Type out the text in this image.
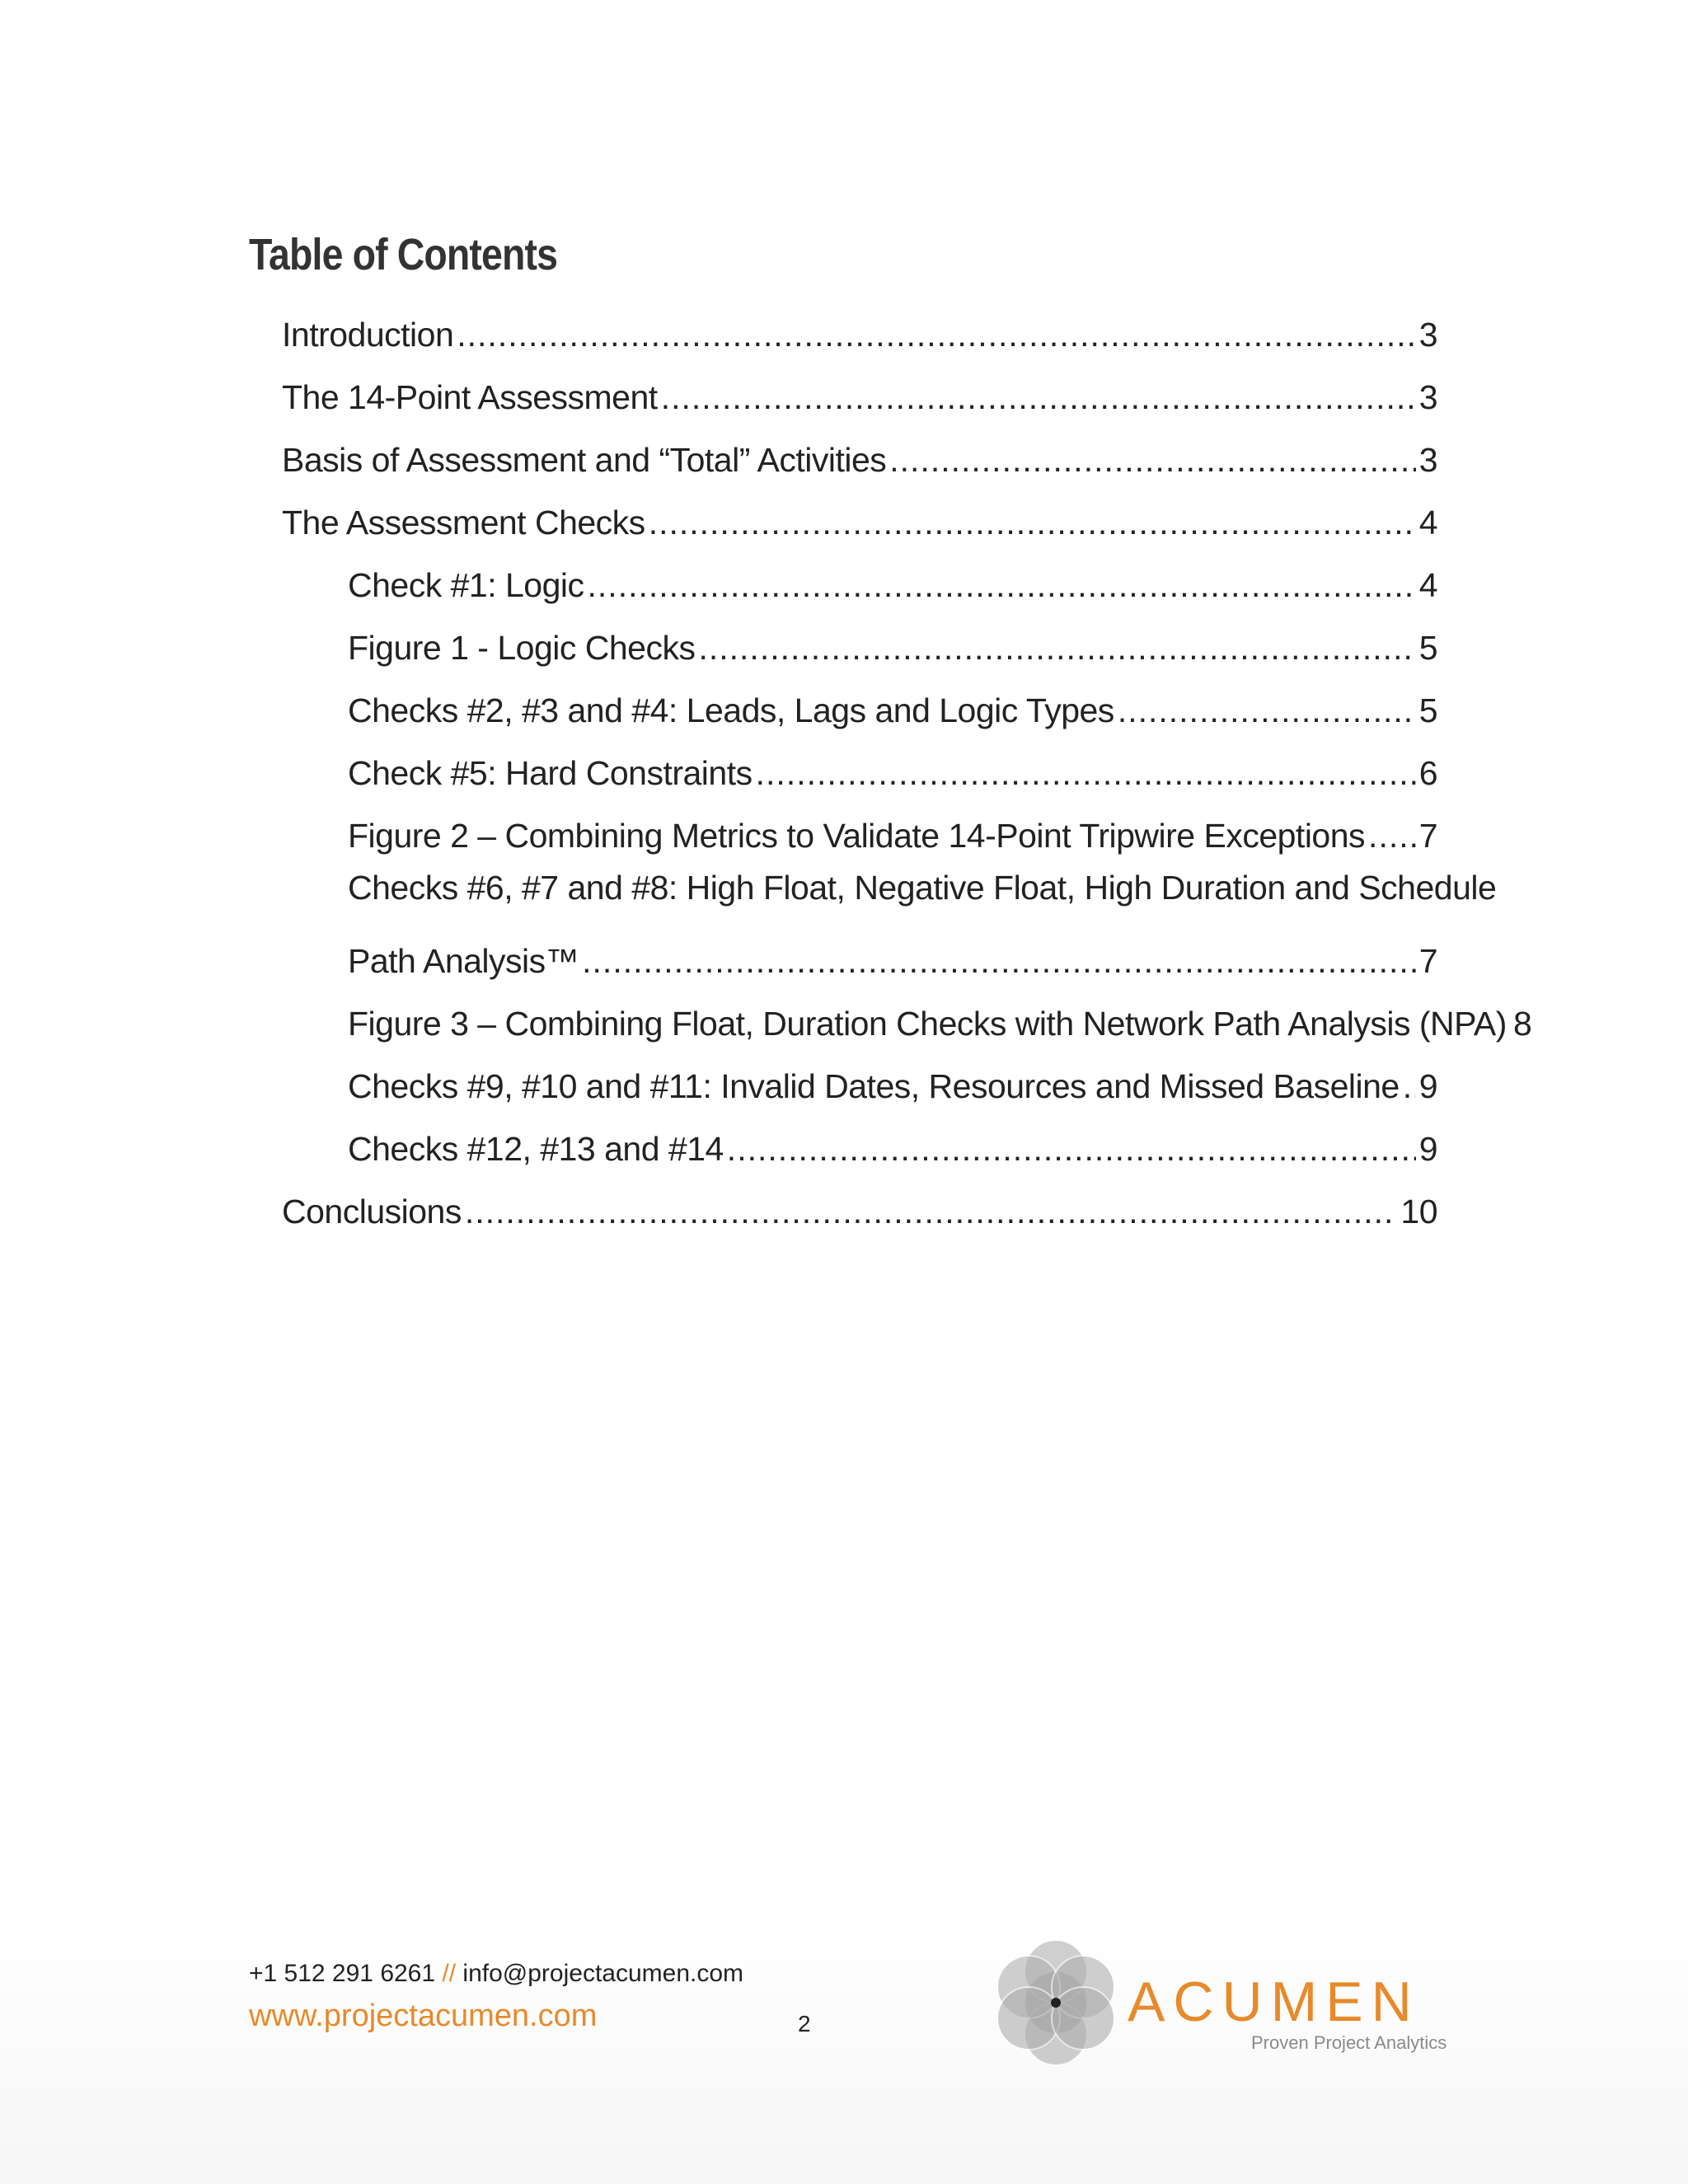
Table of Contents
Introduction .....	3
The 14-Point Assessment .....	3
Basis of Assessment and “Total” Activities .....	3
The Assessment Checks .....	4
Check #1: Logic .....	4
Figure 1 - Logic Checks .....	5
Checks #2, #3 and #4: Leads, Lags and Logic Types .....	5
Check #5: Hard Constraints .....	6
Figure 2 – Combining Metrics to Validate 14-Point Tripwire Exceptions ..... 7
Checks #6, #7 and #8: High Float, Negative Float, High Duration and Schedule
Path Analysis™ .....	7
Figure 3 – Combining Float, Duration Checks with Network Path Analysis (NPA) 8
Checks #9, #10 and #11: Invalid Dates, Resources and Missed Baseline ..... 9
Checks #12, #13 and #14 .....	9
Conclusions .....	10
+1 512 291 6261 // info@projectacumen.com
www.projectacumen.com	2	ACUMEN
Proven Project Analytics
